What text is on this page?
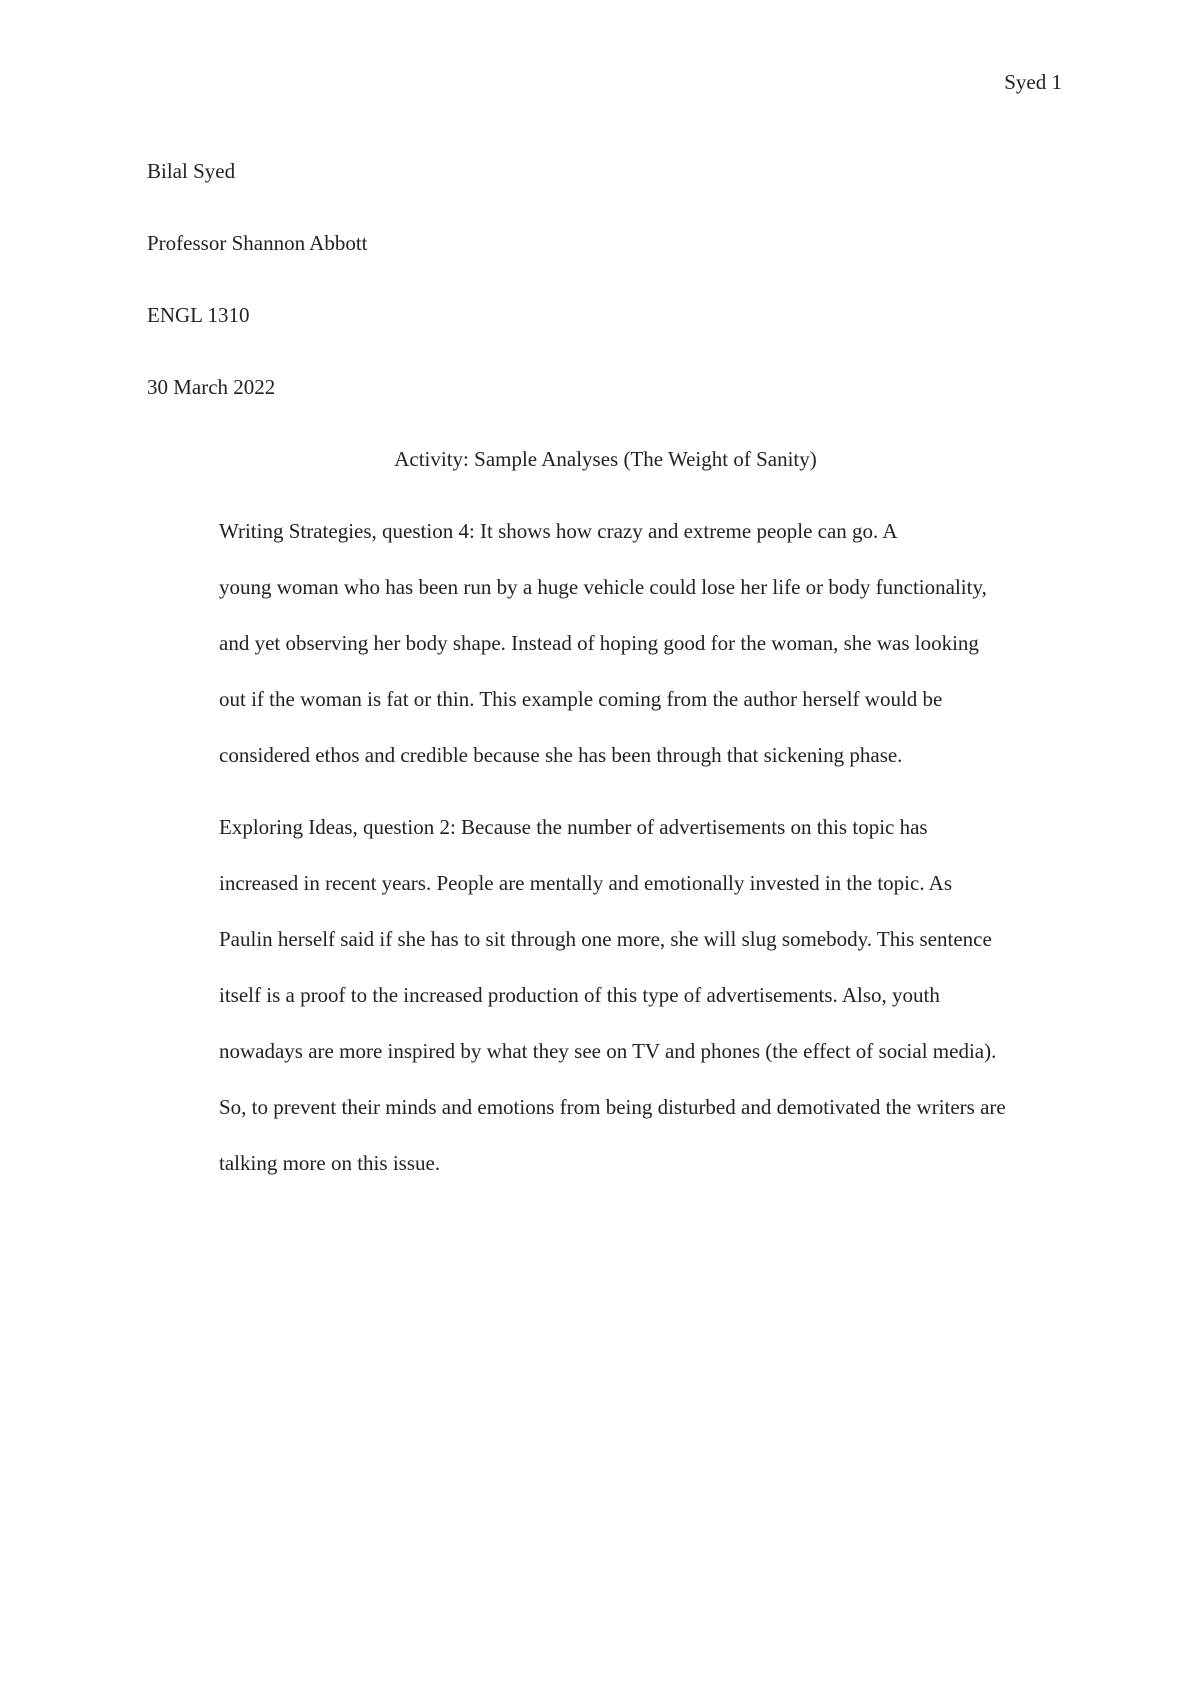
Syed 1
Bilal Syed
Professor Shannon Abbott
ENGL 1310
30 March 2022
Activity: Sample Analyses (The Weight of Sanity)
Writing Strategies, question 4: It shows how crazy and extreme people can go. A
young woman who has been run by a huge vehicle could lose her life or body functionality,
and yet observing her body shape. Instead of hoping good for the woman, she was looking
out if the woman is fat or thin. This example coming from the author herself would be
considered ethos and credible because she has been through that sickening phase.
Exploring Ideas, question 2: Because the number of advertisements on this topic has
increased in recent years. People are mentally and emotionally invested in the topic. As
Paulin herself said if she has to sit through one more, she will slug somebody. This sentence
itself is a proof to the increased production of this type of advertisements. Also, youth
nowadays are more inspired by what they see on TV and phones (the effect of social media).
So, to prevent their minds and emotions from being disturbed and demotivated the writers are
talking more on this issue.
